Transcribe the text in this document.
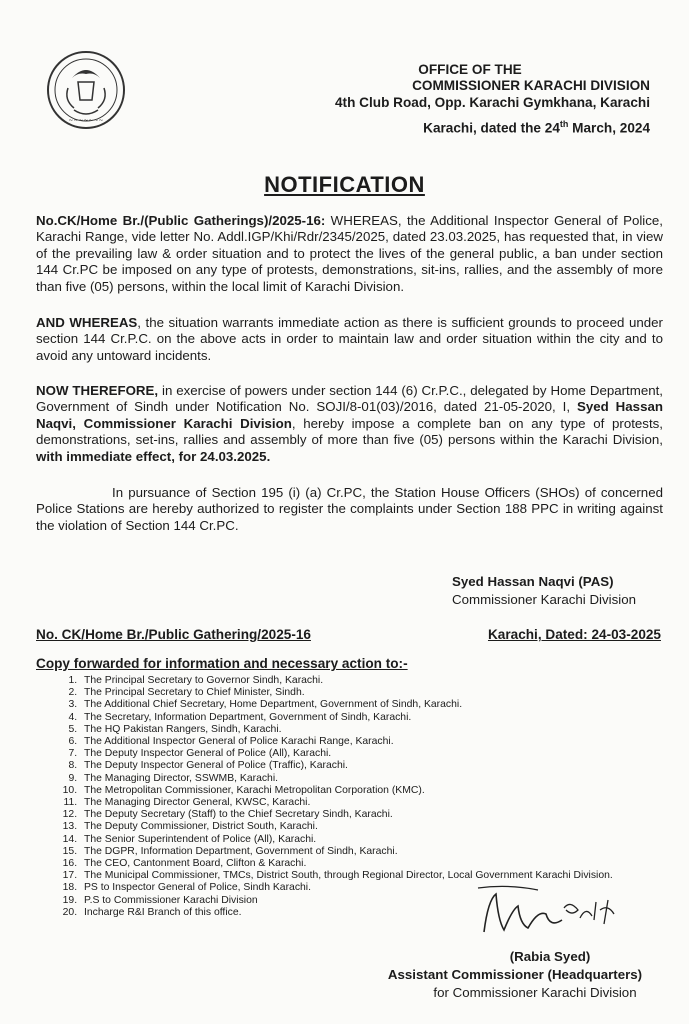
~~~~~~~
OFFICE OF THE
COMMISSIONER KARACHI DIVISION
4th Club Road, Opp. Karachi Gymkhana, Karachi
Karachi, dated the 24th March, 2024
NOTIFICATION
No.CK/Home Br./(Public Gatherings)/2025-16: WHEREAS, the Additional Inspector General of Police, Karachi Range, vide letter No. Addl.IGP/Khi/Rdr/2345/2025, dated 23.03.2025, has requested that, in view of the prevailing law & order situation and to protect the lives of the general public, a ban under section 144 Cr.PC be imposed on any type of protests, demonstrations, sit-ins, rallies, and the assembly of more than five (05) persons, within the local limit of Karachi Division.
AND WHEREAS, the situation warrants immediate action as there is sufficient grounds to proceed under section 144 Cr.P.C. on the above acts in order to maintain law and order situation within the city and to avoid any untoward incidents.
NOW THEREFORE, in exercise of powers under section 144 (6) Cr.P.C., delegated by Home Department, Government of Sindh under Notification No. SOJI/8-01(03)/2016, dated 21-05-2020, I, Syed Hassan Naqvi, Commissioner Karachi Division, hereby impose a complete ban on any type of protests, demonstrations, set-ins, rallies and assembly of more than five (05) persons within the Karachi Division, with immediate effect, for 24.03.2025.
In pursuance of Section 195 (i) (a) Cr.PC, the Station House Officers (SHOs) of concerned Police Stations are hereby authorized to register the complaints under Section 188 PPC in writing against the violation of Section 144 Cr.PC.
Syed Hassan Naqvi (PAS)
Commissioner Karachi Division
No. CK/Home Br./Public Gathering/2025-16	Karachi, Dated: 24-03-2025
Copy forwarded for information and necessary action to:-
1. The Principal Secretary to Governor Sindh, Karachi.
2. The Principal Secretary to Chief Minister, Sindh.
3. The Additional Chief Secretary, Home Department, Government of Sindh, Karachi.
4. The Secretary, Information Department, Government of Sindh, Karachi.
5. The HQ Pakistan Rangers, Sindh, Karachi.
6. The Additional Inspector General of Police Karachi Range, Karachi.
7. The Deputy Inspector General of Police (All), Karachi.
8. The Deputy Inspector General of Police (Traffic), Karachi.
9. The Managing Director, SSWMB, Karachi.
10. The Metropolitan Commissioner, Karachi Metropolitan Corporation (KMC).
11. The Managing Director General, KWSC, Karachi.
12. The Deputy Secretary (Staff) to the Chief Secretary Sindh, Karachi.
13. The Deputy Commissioner, District South, Karachi.
14. The Senior Superintendent of Police (All), Karachi.
15. The DGPR, Information Department, Government of Sindh, Karachi.
16. The CEO, Cantonment Board, Clifton & Karachi.
17. The Municipal Commissioner, TMCs, District South, through Regional Director, Local Government Karachi Division.
18. PS to Inspector General of Police, Sindh Karachi.
19. P.S to Commissioner Karachi Division
20. Incharge R&I Branch of this office.
(Rabia Syed)
Assistant Commissioner (Headquarters)
for Commissioner Karachi Division
